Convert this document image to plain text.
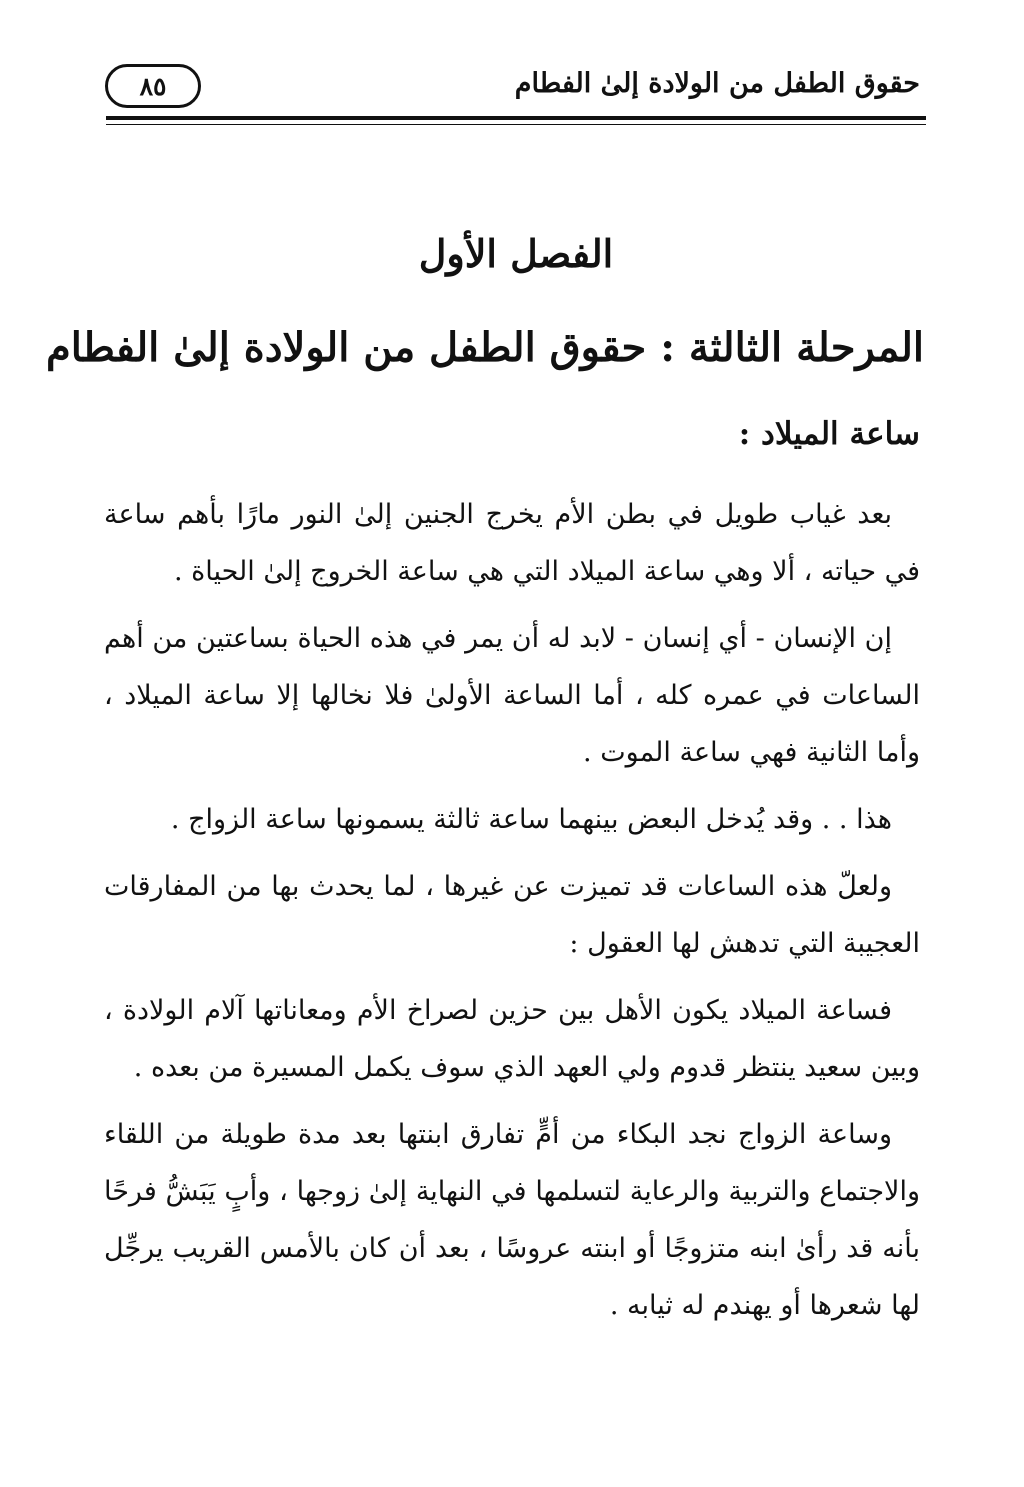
حقوق الطفل من الولادة إلىٰ الفطام
٨٥
الفصل الأول
المرحلة الثالثة : حقوق الطفل من الولادة إلىٰ الفطام
ساعة الميلاد :

بعد غياب طويل في بطن الأم يخرج الجنين إلىٰ النور مارًا بأهم ساعة في حياته ، ألا وهي ساعة الميلاد التي هي ساعة الخروج إلىٰ الحياة .

إن الإنسان - أي إنسان - لابد له أن يمر في هذه الحياة بساعتين من أهم الساعات في عمره كله ، أما الساعة الأولىٰ فلا نخالها إلا ساعة الميلاد ، وأما الثانية فهي ساعة الموت .

هذا . . وقد يُدخل البعض بينهما ساعة ثالثة يسمونها ساعة الزواج .

ولعلّ هذه الساعات قد تميزت عن غيرها ، لما يحدث بها من المفارقات العجيبة التي تدهش لها العقول :

فساعة الميلاد يكون الأهل بين حزين لصراخ الأم ومعاناتها آلام الولادة ، وبين سعيد ينتظر قدوم ولي العهد الذي سوف يكمل المسيرة من بعده .

وساعة الزواج نجد البكاء من أمٍّ تفارق ابنتها بعد مدة طويلة من اللقاء والاجتماع والتربية والرعاية لتسلمها في النهاية إلىٰ زوجها ، وأبٍ يَبَشُّ فرحًا بأنه قد رأىٰ ابنه متزوجًا أو ابنته عروسًا ، بعد أن كان بالأمس القريب يرجِّل لها شعرها أو يهندم له ثيابه .
